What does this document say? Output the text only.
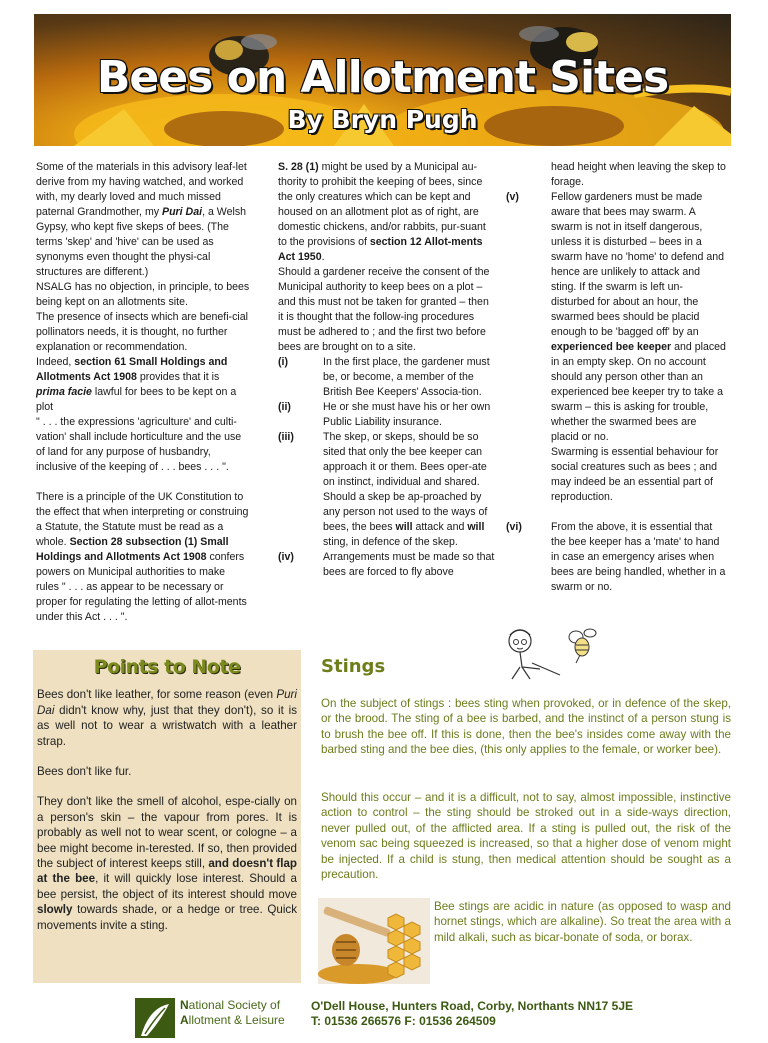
Bees on Allotment Sites
By Bryn Pugh

Some of the materials in this advisory leaf-let derive from my having watched, and worked with, my dearly loved and much missed paternal Grandmother, my Puri Dai, a Welsh Gypsy, who kept five skeps of bees. (The terms 'skep' and 'hive' can be used as synonyms even thought the physi-cal structures are different.)

NSALG has no objection, in principle, to bees being kept on an allotments site.

The presence of insects which are benefi-cial pollinators needs, it is thought, no further explanation or recommendation.

Indeed, section 61 Small Holdings and Allotments Act 1908 provides that it is prima facie lawful for bees to be kept on a plot

" . . . the expressions 'agriculture' and culti-vation' shall include horticulture and the use of land for any purpose of husbandry, inclusive of the keeping of . . . bees . . . ".

There is a principle of the UK Constitution to the effect that when interpreting or construing a Statute, the Statute must be read as a whole. Section 28 subsection (1) Small Holdings and Allotments Act 1908 confers powers on Municipal authorities to make rules " . . . as appear to be necessary or proper for regulating the letting of allot-ments under this Act . . . ".

S. 28 (1) might be used by a Municipal au-thority to prohibit the keeping of bees, since the only creatures which can be kept and housed on an allotment plot as of right, are domestic chickens, and/or rabbits, pur-suant to the provisions of section 12 Allot-ments Act 1950.

Should a gardener receive the consent of the Municipal authority to keep bees on a plot – and this must not be taken for granted – then it is thought that the follow-ing procedures must be adhered to ; and the first two before bees are brought on to a site.

(i)	In the first place, the gardener must be, or become, a member of the British Bee Keepers' Associa-tion.
(ii)	He or she must have his or her own Public Liability insurance.
(iii)	The skep, or skeps, should be so sited that only the bee keeper can approach it or them. Bees oper-ate on instinct, individual and shared. Should a skep be ap-proached by any person not used to the ways of bees, the bees will attack and will sting, in defence of the skep.
(iv)	Arrangements must be made so that bees are forced to fly above

head height when leaving the skep to forage.

(v)	Fellow gardeners must be made aware that bees may swarm. A swarm is not in itself dangerous, unless it is disturbed – bees in a swarm have no 'home' to defend and hence are unlikely to attack and sting. If the swarm is left un-disturbed for about an hour, the swarmed bees should be placid enough to be 'bagged off' by an experienced bee keeper and placed in an empty skep. On no account should any person other than an experienced bee keeper try to take a swarm – this is asking for trouble, whether the swarmed bees are placid or no.

Swarming is essential behaviour for social creatures such as bees ; and may indeed be an essential part of reproduction.

(vi)	From the above, it is essential that the bee keeper has a 'mate' to hand in case an emergency arises when bees are being handled, whether in a swarm or no.
Points to Note

Bees don't like leather, for some reason (even Puri Dai didn't know why, just that they don't), so it is as well not to wear a wristwatch with a leather strap.

Bees don't like fur.

They don't like the smell of alcohol, espe-cially on a person's skin – the vapour from pores. It is probably as well not to wear scent, or cologne – a bee might become in-terested. If so, then provided the subject of interest keeps still, and doesn't flap at the bee, it will quickly lose interest. Should a bee persist, the object of its interest should move slowly towards shade, or a hedge or tree. Quick movements invite a sting.

Stings

On the subject of stings : bees sting when provoked, or in defence of the skep, or the brood. The sting of a bee is barbed, and the instinct of a person stung is to brush the bee off. If this is done, then the bee's insides come away with the barbed sting and the bee dies, (this only applies to the female, or worker bee).

Should this occur – and it is a difficult, not to say, almost impossible, instinctive action to control – the sting should be stroked out in a side-ways direction, never pulled out, of the afflicted area. If a sting is pulled out, the risk of the venom sac being squeezed is increased, so that a higher dose of venom might be injected. If a child is stung, then medical attention should be sought as a precaution.

Bee stings are acidic in nature (as opposed to wasp and hornet stings, which are alkaline). So treat the area with a mild alkali, such as bicar-bonate of soda, or borax.

National Society of
Allotment & Leisure
O'Dell House, Hunters Road, Corby, Northants NN17 5JE
T: 01536 266576 F: 01536 264509
